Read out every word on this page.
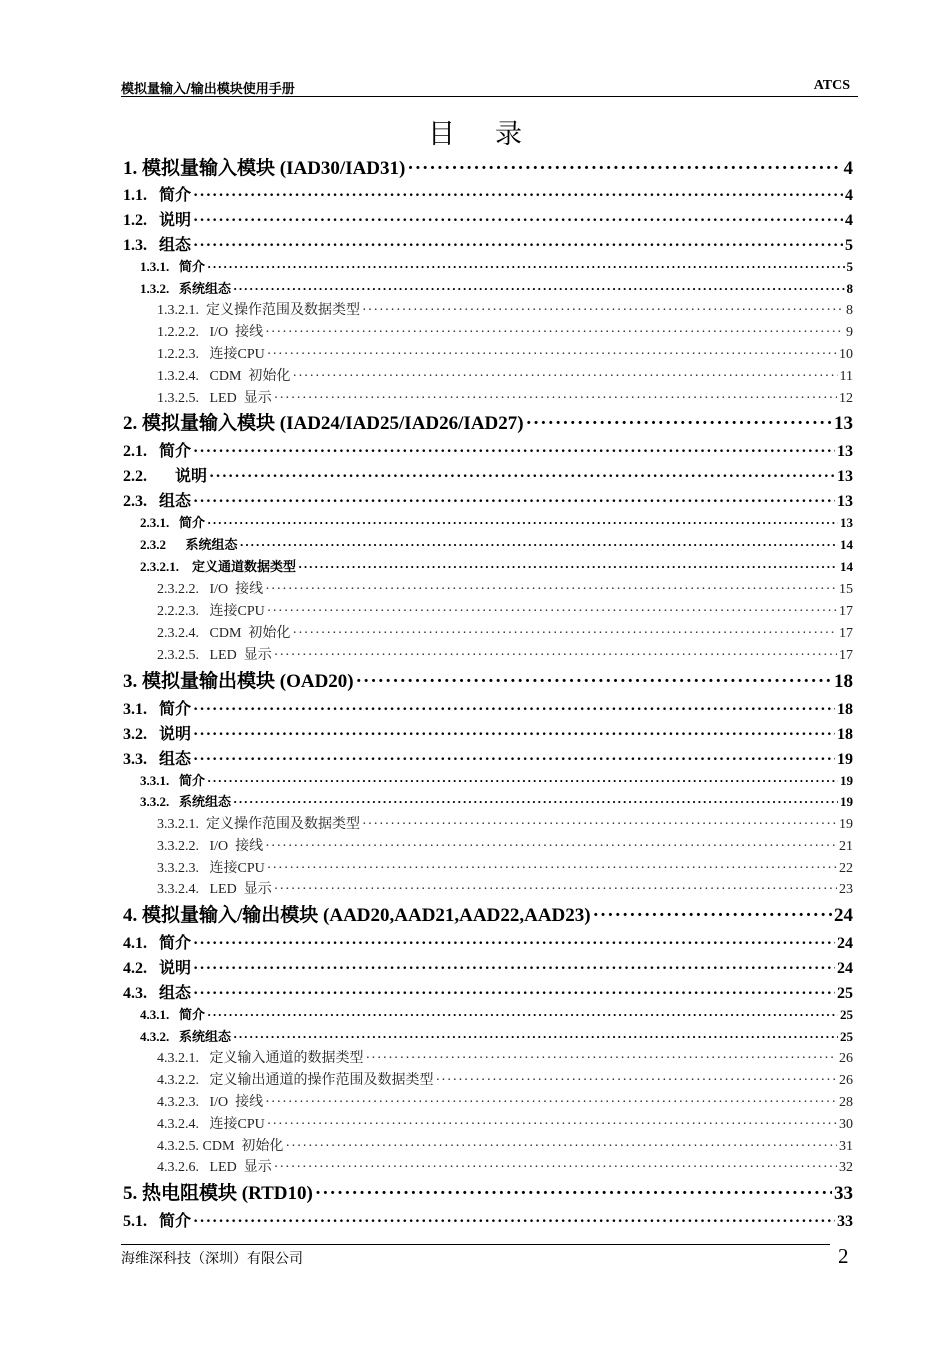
模拟量输入/输出模块使用手册	ATCS
目录
1. 模拟量输入模块 (IAD30/IAD31) ·····	4
1.1.   简介 ·····	4
1.2.   说明 ·····	4
1.3.   组态 ·····	5
1.3.1.   简介 ·····	5
1.3.2.   系统组态 ·····	8
1.3.2.1.  定义操作范围及数据类型 ·····	8
1.2.2.2.   I/O  接线 ·····	9
1.2.2.3.   连接CPU ·····	10
1.3.2.4.   CDM  初始化 ·····	11
1.3.2.5.   LED  显示 ·····	12
2. 模拟量输入模块 (IAD24/IAD25/IAD26/IAD27) ·····	13
2.1.   简介 ·····	13
2.2.       说明 ·····	13
2.3.   组态 ·····	13
2.3.1.   简介 ·····	13
2.3.2      系统组态 ·····	14
2.3.2.1.    定义通道数据类型 ·····	14
2.3.2.2.   I/O  接线 ·····	15
2.2.2.3.   连接CPU ·····	17
2.3.2.4.   CDM  初始化 ·····	17
2.3.2.5.   LED  显示 ·····	17
3. 模拟量输出模块 (OAD20) ·····	18
3.1.   简介 ·····	18
3.2.   说明 ·····	18
3.3.   组态 ·····	19
3.3.1.   简介 ·····	19
3.3.2.   系统组态 ·····	19
3.3.2.1.  定义操作范围及数据类型 ·····	19
3.3.2.2.   I/O  接线 ·····	21
3.3.2.3.   连接CPU ·····	22
3.3.2.4.   LED  显示 ·····	23
4. 模拟量输入/输出模块 (AAD20,AAD21,AAD22,AAD23) ·····	24
4.1.   简介 ·····	24
4.2.   说明 ·····	24
4.3.   组态 ·····	25
4.3.1.   简介 ·····	25
4.3.2.   系统组态 ·····	25
4.3.2.1.   定义输入通道的数据类型 ·····	26
4.3.2.2.   定义输出通道的操作范围及数据类型 ·····	26
4.3.2.3.   I/O  接线 ·····	28
4.3.2.4.   连接CPU ·····	30
4.3.2.5. CDM  初始化 ·····	31
4.3.2.6.   LED  显示 ·····	32
5. 热电阻模块 (RTD10) ·····	33
5.1.   简介 ·····	33
海维深科技（深圳）有限公司	2
